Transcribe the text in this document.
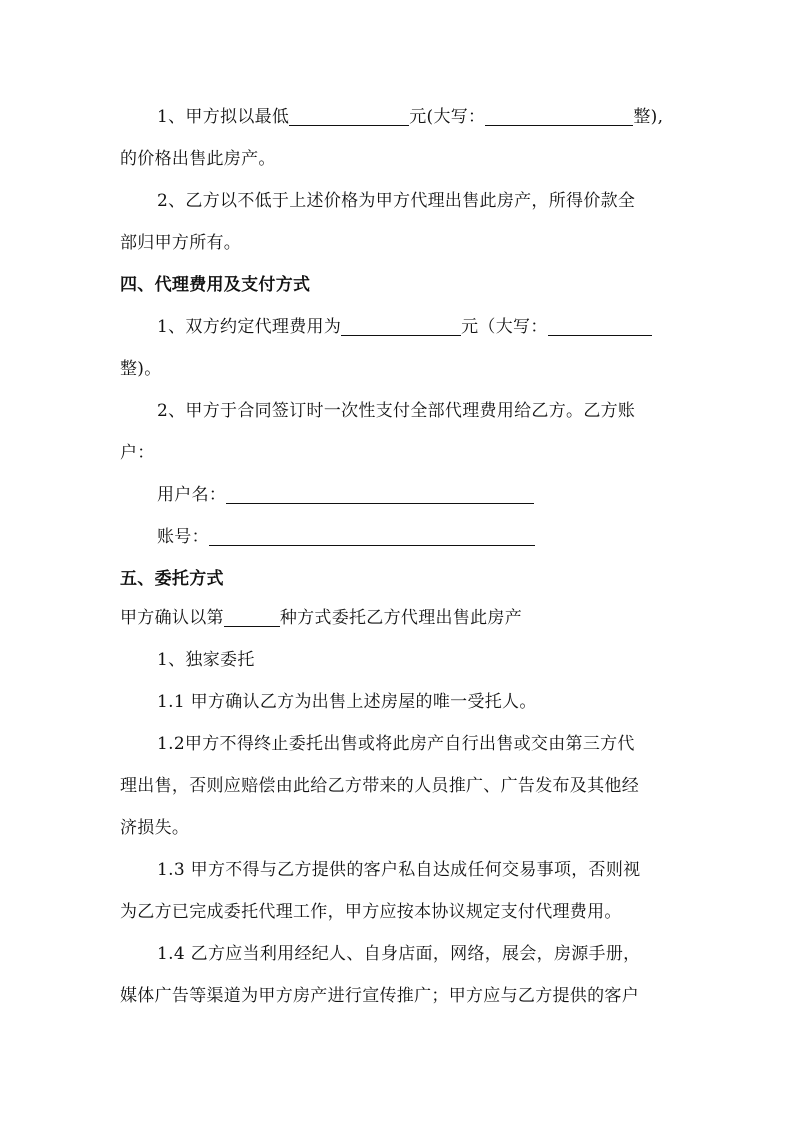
1、甲方拟以最低	元(大写：	整),
的价格出售此房产。
2、乙方以不低于上述价格为甲方代理出售此房产，所得价款全
部归甲方所有。
四、代理费用及支付方式
1、双方约定代理费用为	元（大写：
整)。
2、甲方于合同签订时一次性支付全部代理费用给乙方。乙方账
户：
用户名：
账号：
五、委托方式
甲方确认以第	种方式委托乙方代理出售此房产
1、独家委托
1.1 甲方确认乙方为出售上述房屋的唯一受托人。
1.2甲方不得终止委托出售或将此房产自行出售或交由第三方代
理出售，否则应赔偿由此给乙方带来的人员推广、广告发布及其他经
济损失。
1.3 甲方不得与乙方提供的客户私自达成任何交易事项，否则视
为乙方已完成委托代理工作，甲方应按本协议规定支付代理费用。
1.4 乙方应当利用经纪人、自身店面，网络，展会，房源手册，
媒体广告等渠道为甲方房产进行宣传推广；甲方应与乙方提供的客户
